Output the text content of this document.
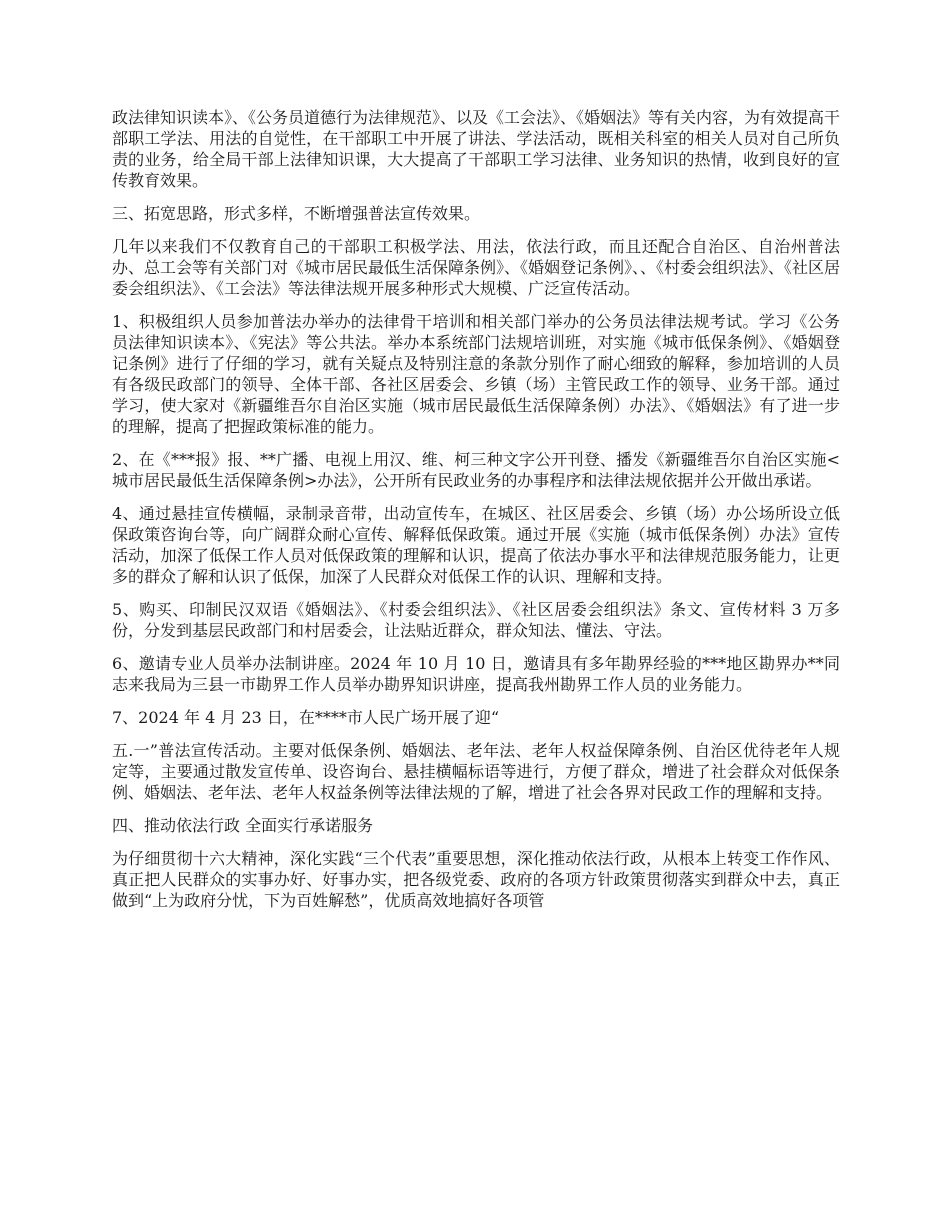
政法律知识读本》、《公务员道德行为法律规范》、以及《工会法》、《婚姻法》等有关内容，为有效提高干部职工学法、用法的自觉性，在干部职工中开展了讲法、学法活动，既相关科室的相关人员对自己所负责的业务，给全局干部上法律知识课，大大提高了干部职工学习法律、业务知识的热情，收到良好的宣传教育效果。

三、拓宽思路，形式多样，不断增强普法宣传效果。

几年以来我们不仅教育自己的干部职工积极学法、用法，依法行政，而且还配合自治区、自治州普法办、总工会等有关部门对《城市居民最低生活保障条例》、《婚姻登记条例》、、《村委会组织法》、《社区居委会组织法》、《工会法》等法律法规开展多种形式大规模、广泛宣传活动。

1、积极组织人员参加普法办举办的法律骨干培训和相关部门举办的公务员法律法规考试。学习《公务员法律知识读本》、《宪法》等公共法。举办本系统部门法规培训班，对实施《城市低保条例》、《婚姻登记条例》进行了仔细的学习，就有关疑点及特别注意的条款分别作了耐心细致的解释，参加培训的人员有各级民政部门的领导、全体干部、各社区居委会、乡镇（场）主管民政工作的领导、业务干部。通过学习，使大家对《新疆维吾尔自治区实施（城市居民最低生活保障条例）办法》、《婚姻法》有了进一步的理解，提高了把握政策标准的能力。

2、在《***报》报、**广播、电视上用汉、维、柯三种文字公开刊登、播发《新疆维吾尔自治区实施<城市居民最低生活保障条例>办法》，公开所有民政业务的办事程序和法律法规依据并公开做出承诺。

4、通过悬挂宣传横幅，录制录音带，出动宣传车，在城区、社区居委会、乡镇（场）办公场所设立低保政策咨询台等，向广阔群众耐心宣传、解释低保政策。通过开展《实施（城市低保条例）办法》宣传活动，加深了低保工作人员对低保政策的理解和认识，提高了依法办事水平和法律规范服务能力，让更多的群众了解和认识了低保，加深了人民群众对低保工作的认识、理解和支持。

5、购买、印制民汉双语《婚姻法》、《村委会组织法》、《社区居委会组织法》条文、宣传材料 3 万多份，分发到基层民政部门和村居委会，让法贴近群众，群众知法、懂法、守法。

6、邀请专业人员举办法制讲座。2024 年 10 月 10 日，邀请具有多年勘界经验的***地区勘界办**同志来我局为三县一市勘界工作人员举办勘界知识讲座，提高我州勘界工作人员的业务能力。

7、2024 年 4 月 23 日，在****市人民广场开展了迎“

五.一”普法宣传活动。主要对低保条例、婚姻法、老年法、老年人权益保障条例、自治区优待老年人规定等，主要通过散发宣传单、设咨询台、悬挂横幅标语等进行，方便了群众，增进了社会群众对低保条例、婚姻法、老年法、老年人权益条例等法律法规的了解，增进了社会各界对民政工作的理解和支持。

四、推动依法行政 全面实行承诺服务

为仔细贯彻十六大精神，深化实践“三个代表”重要思想，深化推动依法行政，从根本上转变工作作风、真正把人民群众的实事办好、好事办实，把各级党委、政府的各项方针政策贯彻落实到群众中去，真正做到“上为政府分忧，下为百姓解愁”，优质高效地搞好各项管
